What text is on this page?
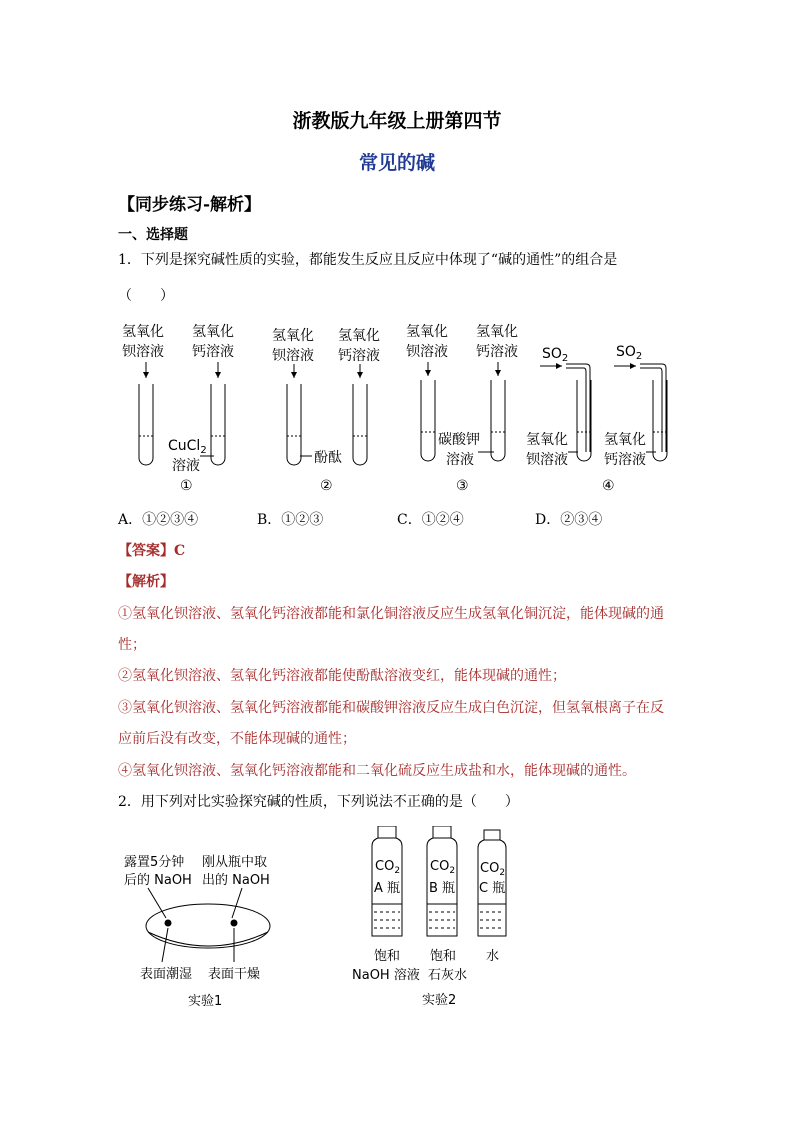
浙教版九年级上册第四节
常见的碱
【同步练习-解析】
一、选择题
1．下列是探究碱性质的实验，都能发生反应且反应中体现了“碱的通性”的组合是
（　　）
氢氧化
钡溶液
氢氧化
钙溶液
CuCl$_2$
溶液
①
氢氧化
钡溶液
氢氧化
钙溶液
酚酞
②
氢氧化
钡溶液
氢氧化
钙溶液
碳酸钾
溶液
③
$SO_2$	$SO_2$
氢氧化
钡溶液
氢氧化
钙溶液
④
A．①②③④	B．①②③	C．①②④	D．②③④
【答案】C
【解析】
①氢氧化钡溶液、氢氧化钙溶液都能和氯化铜溶液反应生成氢氧化铜沉淀，能体现碱的通
性；
②氢氧化钡溶液、氢氧化钙溶液都能使酚酞溶液变红，能体现碱的通性；
③氢氧化钡溶液、氢氧化钙溶液都能和碳酸钾溶液反应生成白色沉淀，但氢氧根离子在反
应前后没有改变，不能体现碱的通性；
④氢氧化钡溶液、氢氧化钙溶液都能和二氧化硫反应生成盐和水，能体现碱的通性。
2．用下列对比实验探究碱的性质，下列说法不正确的是（　　）
露置5分钟
后的 NaOH
刚从瓶中取
出的 NaOH
表面潮湿 表面干燥
实验1
$CO_2$ $CO_2$ $CO_2$
A 瓶 B 瓶 C 瓶
饱和
NaOH 溶液
饱和
石灰水
水
实验2
